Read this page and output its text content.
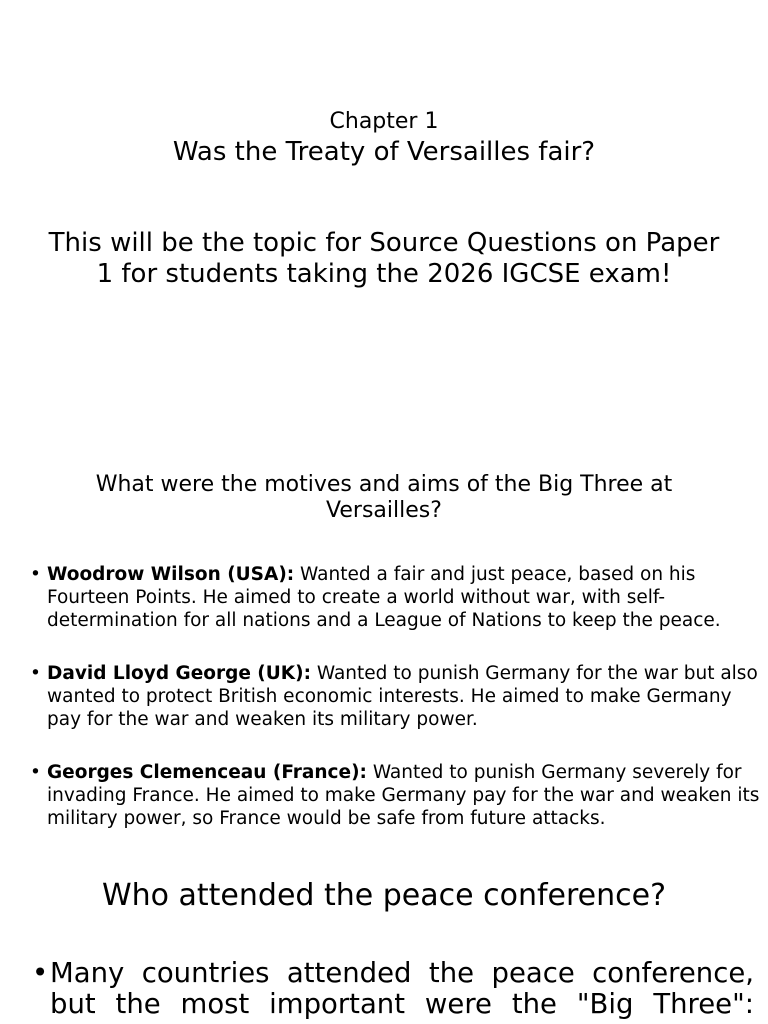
Chapter 1
Was the Treaty of Versailles fair?
This will be the topic for Source Questions on Paper 1 for students taking the 2026 IGCSE exam!
What were the motives and aims of the Big Three at Versailles?
• Woodrow Wilson (USA): Wanted a fair and just peace, based on his Fourteen Points. He aimed to create a world without war, with self-determination for all nations and a League of Nations to keep the peace.
• David Lloyd George (UK): Wanted to punish Germany for the war but also wanted to protect British economic interests. He aimed to make Germany pay for the war and weaken its military power.
• Georges Clemenceau (France): Wanted to punish Germany severely for invading France. He aimed to make Germany pay for the war and weaken its military power, so France would be safe from future attacks.
Who attended the peace conference?
• Many countries attended the peace conference, but the most important were the "Big Three":
